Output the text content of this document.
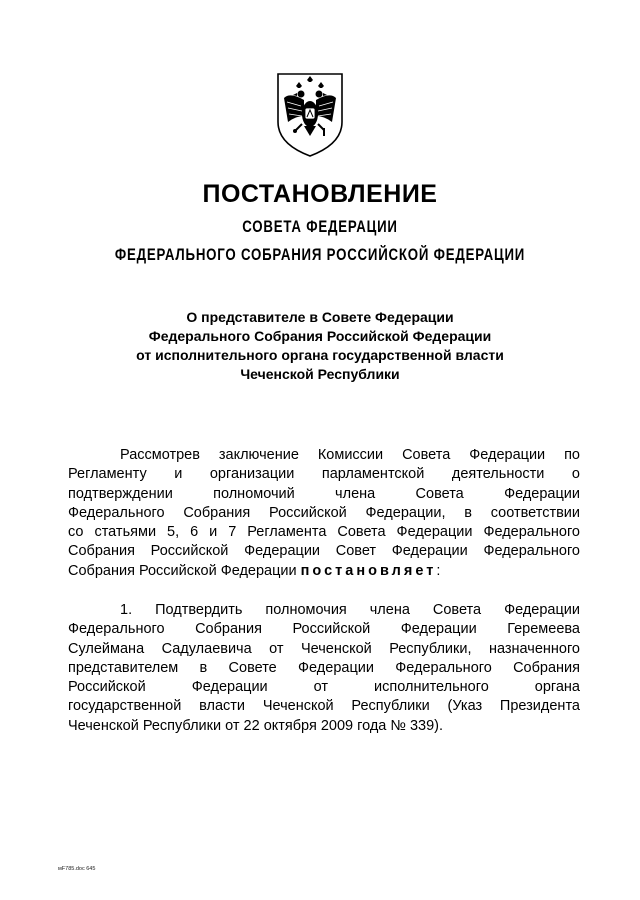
ПОСТАНОВЛЕНИЕ
СОВЕТА ФЕДЕРАЦИИ
ФЕДЕРАЛЬНОГО СОБРАНИЯ РОССИЙСКОЙ ФЕДЕРАЦИИ
О представителе в Совете Федерации
Федерального Собрания Российской Федерации
от исполнительного органа государственной власти
Чеченской Республики
Рассмотрев заключение Комиссии Совета Федерации по
Регламенту и организации парламентской деятельности о
подтверждении полномочий члена Совета Федерации
Федерального Собрания Российской Федерации, в соответствии
со статьями 5, 6 и 7 Регламента Совета Федерации Федерального
Собрания Российской Федерации Совет Федерации Федерального
Собрания Российской Федерации постановляет:
1. Подтвердить полномочия члена Совета Федерации
Федерального Собрания Российской Федерации Геремеева
Сулеймана Садулаевича от Чеченской Республики, назначенного
представителем в Совете Федерации Федерального Собрания
Российской Федерации от исполнительного органа
государственной власти Чеченской Республики (Указ Президента
Чеченской Республики от 22 октября 2009 года № 339).
мF785.doc 645
